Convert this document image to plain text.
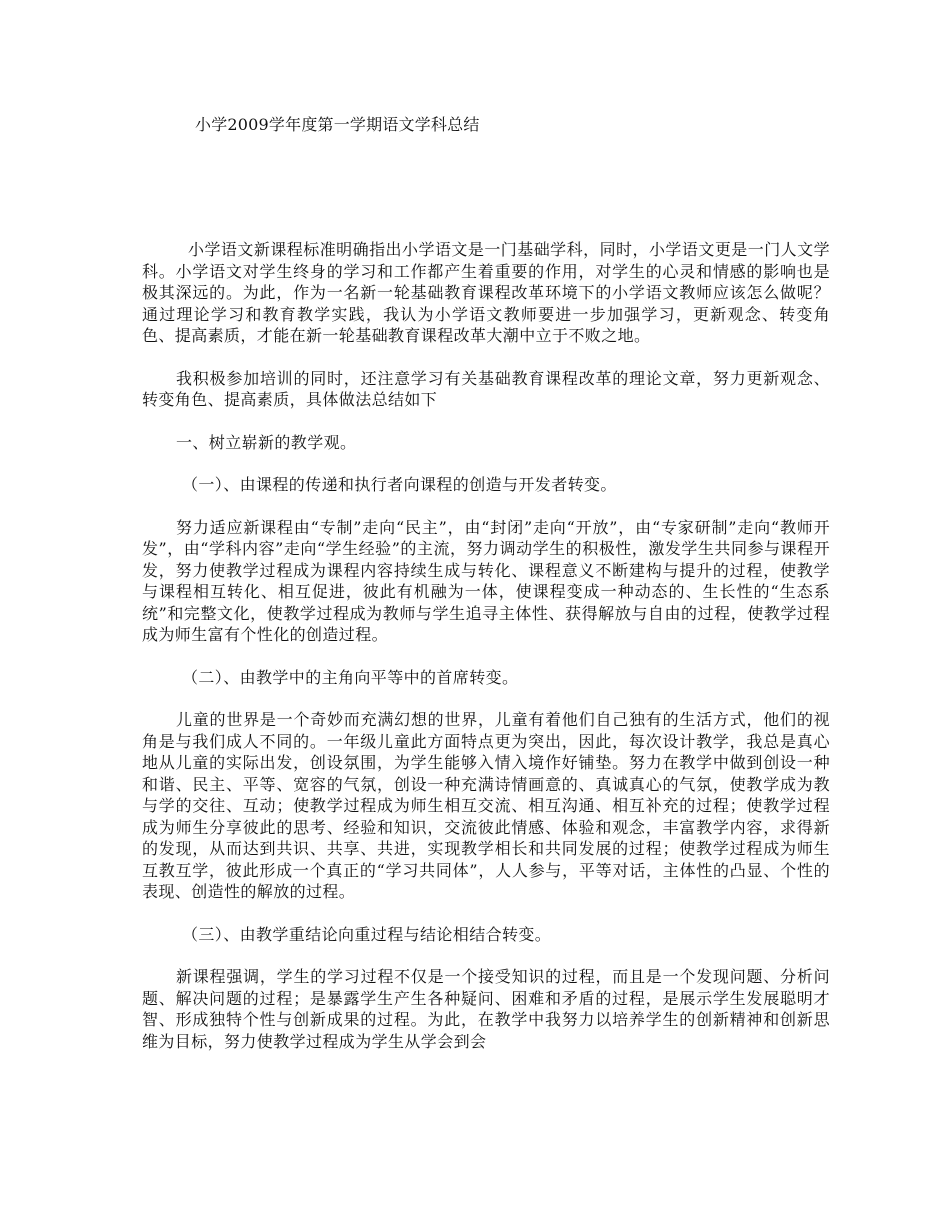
小学2009学年度第一学期语文学科总结

小学语文新课程标准明确指出小学语文是一门基础学科，同时，小学语文更是一门人文学科。小学语文对学生终身的学习和工作都产生着重要的作用，对学生的心灵和情感的影响也是极其深远的。为此，作为一名新一轮基础教育课程改革环境下的小学语文教师应该怎么做呢？通过理论学习和教育教学实践，我认为小学语文教师要进一步加强学习，更新观念、转变角色、提高素质，才能在新一轮基础教育课程改革大潮中立于不败之地。

我积极参加培训的同时，还注意学习有关基础教育课程改革的理论文章，努力更新观念、转变角色、提高素质，具体做法总结如下

一、树立崭新的教学观。

（一）、由课程的传递和执行者向课程的创造与开发者转变。

努力适应新课程由“专制”走向“民主”，由“封闭”走向“开放”，由“专家研制”走向“教师开发”，由“学科内容”走向“学生经验”的主流，努力调动学生的积极性，激发学生共同参与课程开发，努力使教学过程成为课程内容持续生成与转化、课程意义不断建构与提升的过程，使教学与课程相互转化、相互促进，彼此有机融为一体，使课程变成一种动态的、生长性的“生态系统”和完整文化，使教学过程成为教师与学生追寻主体性、获得解放与自由的过程，使教学过程成为师生富有个性化的创造过程。

（二）、由教学中的主角向平等中的首席转变。

儿童的世界是一个奇妙而充满幻想的世界，儿童有着他们自己独有的生活方式，他们的视角是与我们成人不同的。一年级儿童此方面特点更为突出，因此，每次设计教学，我总是真心地从儿童的实际出发，创设氛围，为学生能够入情入境作好铺垫。努力在教学中做到创设一种和谐、民主、平等、宽容的气氛，创设一种充满诗情画意的、真诚真心的气氛，使教学成为教与学的交往、互动；使教学过程成为师生相互交流、相互沟通、相互补充的过程；使教学过程成为师生分享彼此的思考、经验和知识，交流彼此情感、体验和观念，丰富教学内容，求得新的发现，从而达到共识、共享、共进，实现教学相长和共同发展的过程；使教学过程成为师生互教互学，彼此形成一个真正的“学习共同体”，人人参与，平等对话，主体性的凸显、个性的表现、创造性的解放的过程。

（三）、由教学重结论向重过程与结论相结合转变。

新课程强调，学生的学习过程不仅是一个接受知识的过程，而且是一个发现问题、分析问题、解决问题的过程；是暴露学生产生各种疑问、困难和矛盾的过程，是展示学生发展聪明才智、形成独特个性与创新成果的过程。为此，在教学中我努力以培养学生的创新精神和创新思维为目标，努力使教学过程成为学生从学会到会
